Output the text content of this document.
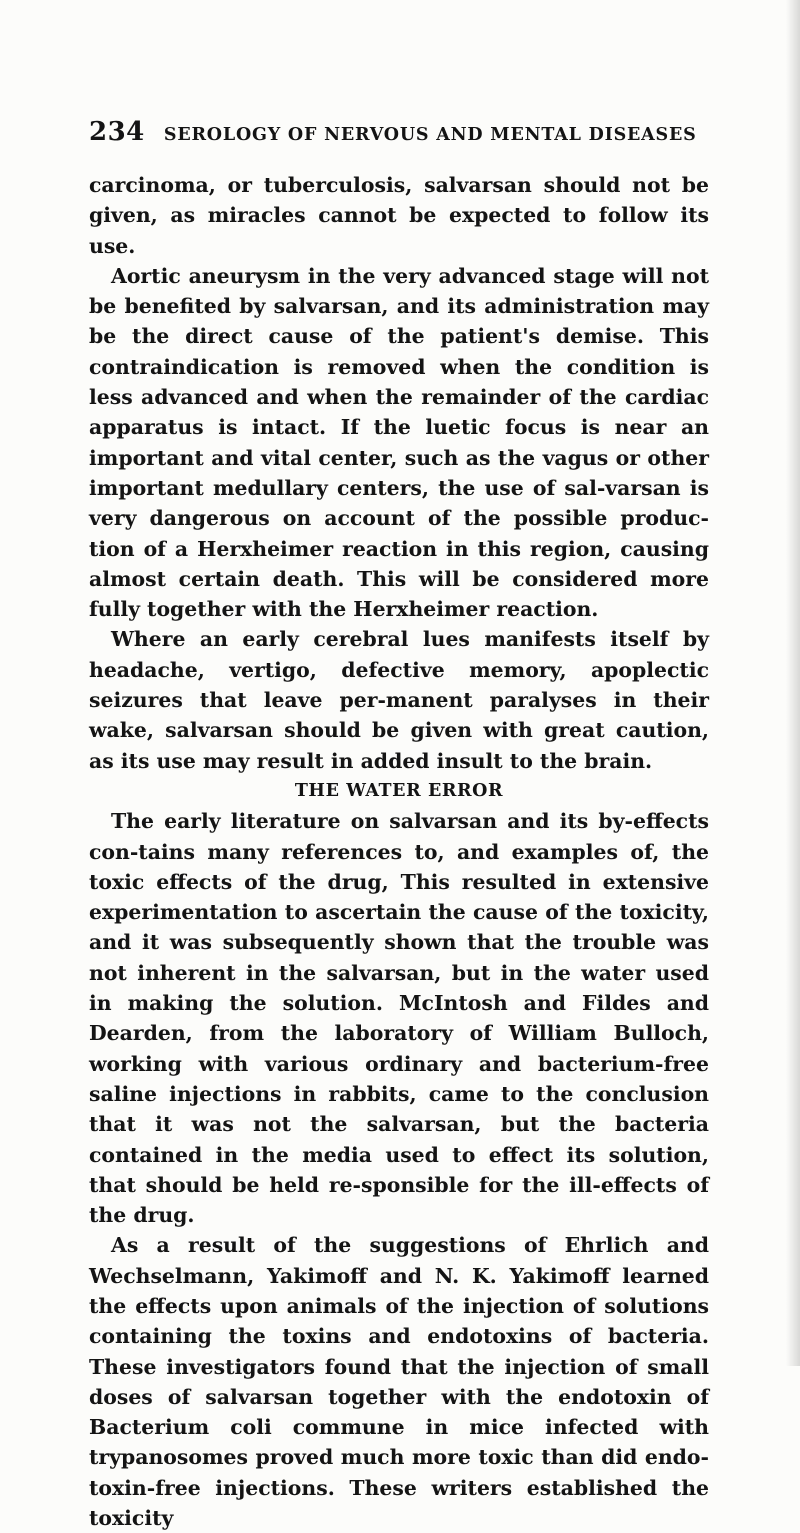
234 SEROLOGY OF NERVOUS AND MENTAL DISEASES

carcinoma, or tuberculosis, salvarsan should not be given, as miracles cannot be expected to follow its use.

Aortic aneurysm in the very advanced stage will not be benefited by salvarsan, and its administration may be the direct cause of the patient's demise. This contraindication is removed when the condition is less advanced and when the remainder of the cardiac apparatus is intact. If the luetic focus is near an important and vital center, such as the vagus or other important medullary centers, the use of sal-varsan is very dangerous on account of the possible produc-tion of a Herxheimer reaction in this region, causing almost certain death. This will be considered more fully together with the Herxheimer reaction.

Where an early cerebral lues manifests itself by headache, vertigo, defective memory, apoplectic seizures that leave per-manent paralyses in their wake, salvarsan should be given with great caution, as its use may result in added insult to the brain.

THE WATER ERROR

The early literature on salvarsan and its by-effects con-tains many references to, and examples of, the toxic effects of the drug, This resulted in extensive experimentation to ascertain the cause of the toxicity, and it was subsequently shown that the trouble was not inherent in the salvarsan, but in the water used in making the solution. McIntosh and Fildes and Dearden, from the laboratory of William Bulloch, working with various ordinary and bacterium-free saline injections in rabbits, came to the conclusion that it was not the salvarsan, but the bacteria contained in the media used to effect its solution, that should be held re-sponsible for the ill-effects of the drug.

As a result of the suggestions of Ehrlich and Wechselmann, Yakimoff and N. K. Yakimoff learned the effects upon animals of the injection of solutions containing the toxins and endotoxins of bacteria. These investigators found that the injection of small doses of salvarsan together with the endotoxin of Bacterium coli commune in mice infected with trypanosomes proved much more toxic than did endo-toxin-free injections. These writers established the toxicity
